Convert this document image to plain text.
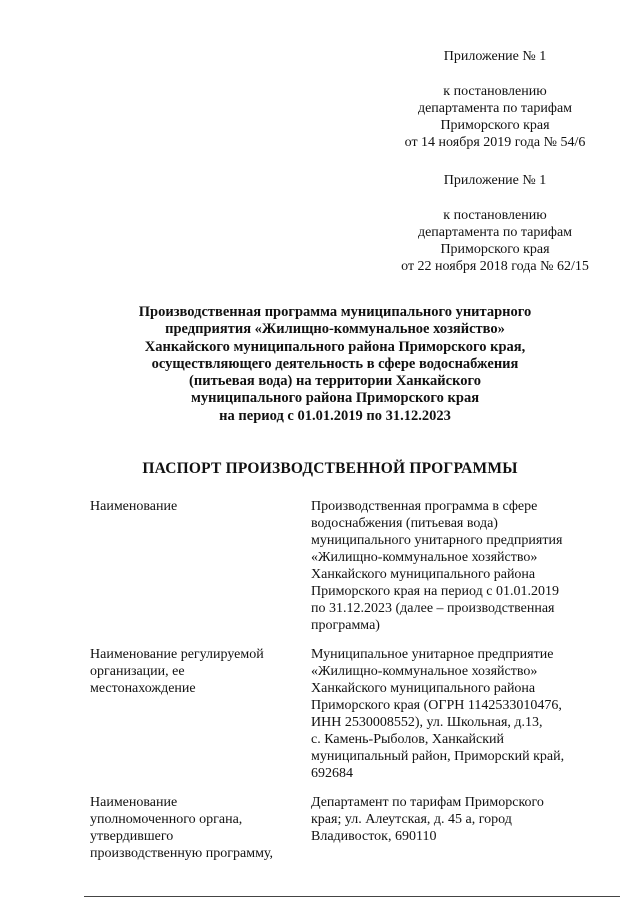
Приложение № 1
к постановлению
департамента по тарифам
Приморского края
от 14 ноября 2019 года № 54/6
Приложение № 1
к постановлению
департамента по тарифам
Приморского края
от 22 ноября 2018 года № 62/15
Производственная программа муниципального унитарного
предприятия «Жилищно-коммунальное хозяйство»
Ханкайского муниципального района Приморского края,
осуществляющего деятельность в сфере водоснабжения
(питьевая вода) на территории Ханкайского
муниципального района Приморского края
на период с 01.01.2019 по 31.12.2023
ПАСПОРТ ПРОИЗВОДСТВЕННОЙ ПРОГРАММЫ
Наименование	Производственная программа в сфере
водоснабжения (питьевая вода)
муниципального унитарного предприятия
«Жилищно-коммунальное хозяйство»
Ханкайского муниципального района
Приморского края на период с 01.01.2019
по 31.12.2023 (далее – производственная
программа)
Наименование регулируемой
организации, ее
местонахождение
Муниципальное унитарное предприятие
«Жилищно-коммунальное хозяйство»
Ханкайского муниципального района
Приморского края (ОГРН 1142533010476,
ИНН 2530008552), ул. Школьная, д.13,
с. Камень-Рыболов, Ханкайский
муниципальный район, Приморский край,
692684
Наименование
уполномоченного органа,
утвердившего
производственную программу,
Департамент по тарифам Приморского
края; ул. Алеутская, д. 45 а, город
Владивосток, 690110
